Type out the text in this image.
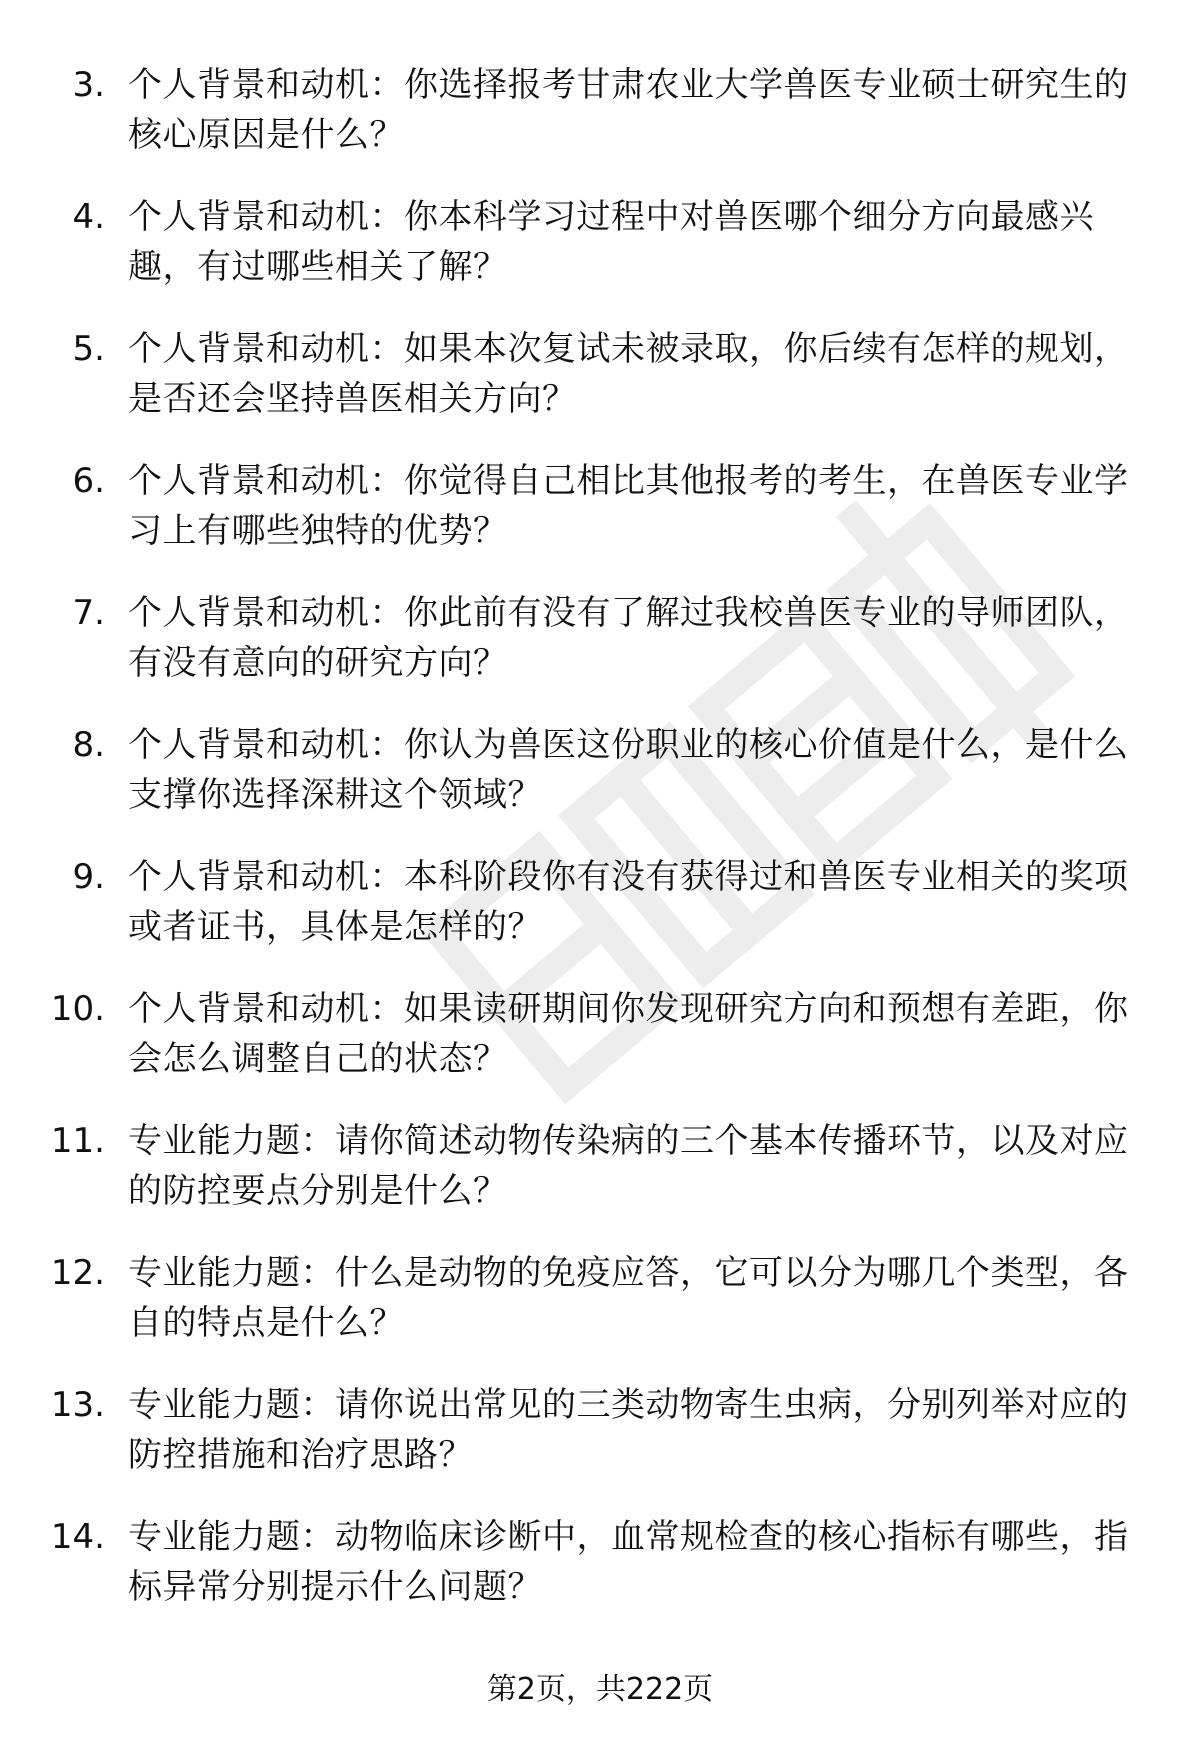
3. 个人背景和动机：你选择报考甘肃农业大学兽医专业硕士研究生的核心原因是什么？
4. 个人背景和动机：你本科学习过程中对兽医哪个细分方向最感兴趣，有过哪些相关了解？
5. 个人背景和动机：如果本次复试未被录取，你后续有怎样的规划，是否还会坚持兽医相关方向？
6. 个人背景和动机：你觉得自己相比其他报考的考生，在兽医专业学习上有哪些独特的优势？
7. 个人背景和动机：你此前有没有了解过我校兽医专业的导师团队，有没有意向的研究方向？
8. 个人背景和动机：你认为兽医这份职业的核心价值是什么，是什么支撑你选择深耕这个领域？
9. 个人背景和动机：本科阶段你有没有获得过和兽医专业相关的奖项或者证书，具体是怎样的？
10. 个人背景和动机：如果读研期间你发现研究方向和预想有差距，你会怎么调整自己的状态？
11. 专业能力题：请你简述动物传染病的三个基本传播环节，以及对应的防控要点分别是什么？
12. 专业能力题：什么是动物的免疫应答，它可以分为哪几个类型，各自的特点是什么？
13. 专业能力题：请你说出常见的三类动物寄生虫病，分别列举对应的防控措施和治疗思路？
14. 专业能力题：动物临床诊断中，血常规检查的核心指标有哪些，指标异常分别提示什么问题？
第2页，共222页
